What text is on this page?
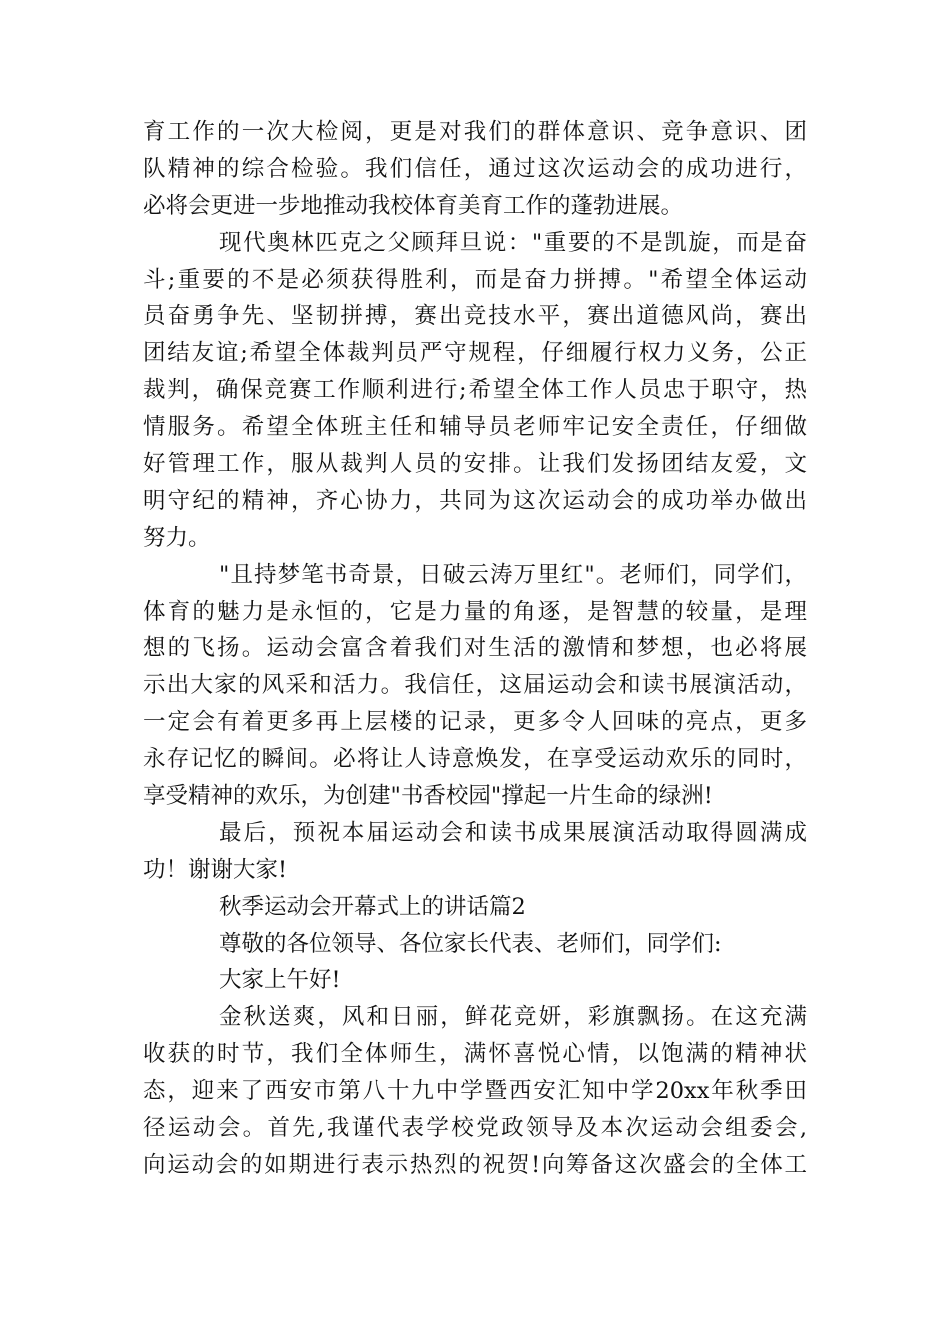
育工作的一次大检阅，更是对我们的群体意识、竞争意识、团
队精神的综合检验。我们信任，通过这次运动会的成功进行，
必将会更进一步地推动我校体育美育工作的蓬勃进展。
现代奥林匹克之父顾拜旦说："重要的不是凯旋，而是奋
斗;重要的不是必须获得胜利，而是奋力拼搏。"希望全体运动
员奋勇争先、坚韧拼搏，赛出竞技水平，赛出道德风尚，赛出
团结友谊;希望全体裁判员严守规程，仔细履行权力义务，公正
裁判，确保竞赛工作顺利进行;希望全体工作人员忠于职守，热
情服务。希望全体班主任和辅导员老师牢记安全责任，仔细做
好管理工作，服从裁判人员的安排。让我们发扬团结友爱，文
明守纪的精神，齐心协力，共同为这次运动会的成功举办做出
努力。
"且持梦笔书奇景，日破云涛万里红"。老师们，同学们，
体育的魅力是永恒的，它是力量的角逐，是智慧的较量，是理
想的飞扬。运动会富含着我们对生活的激情和梦想，也必将展
示出大家的风采和活力。我信任，这届运动会和读书展演活动，
一定会有着更多再上层楼的记录，更多令人回味的亮点，更多
永存记忆的瞬间。必将让人诗意焕发，在享受运动欢乐的同时，
享受精神的欢乐，为创建"书香校园"撑起一片生命的绿洲!
最后，预祝本届运动会和读书成果展演活动取得圆满成
功！谢谢大家!
秋季运动会开幕式上的讲话篇2
尊敬的各位领导、各位家长代表、老师们，同学们:
大家上午好!
金秋送爽，风和日丽，鲜花竞妍，彩旗飘扬。在这充满
收获的时节，我们全体师生，满怀喜悦心情，以饱满的精神状
态，迎来了西安市第八十九中学暨西安汇知中学20xx年秋季田
径运动会。首先,我谨代表学校党政领导及本次运动会组委会,
向运动会的如期进行表示热烈的祝贺!向筹备这次盛会的全体工
